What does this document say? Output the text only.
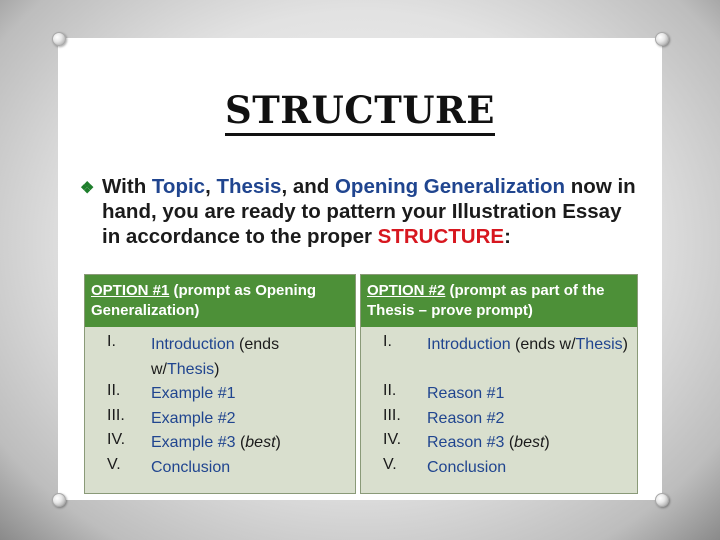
STRUCTURE
❖ With Topic, Thesis, and Opening Generalization now in hand, you are ready to pattern your Illustration Essay in accordance to the proper STRUCTURE:
OPTION #1 (prompt as Opening Generalization)
I.	Introduction (ends w/Thesis)
II.	Example #1
III.	Example #2
IV.	Example #3 (best)
V.	Conclusion
OPTION #2 (prompt as part of the Thesis – prove prompt)
I.	Introduction (ends w/Thesis)
II.	Reason #1
III.	Reason #2
IV.	Reason #3 (best)
V.	Conclusion
